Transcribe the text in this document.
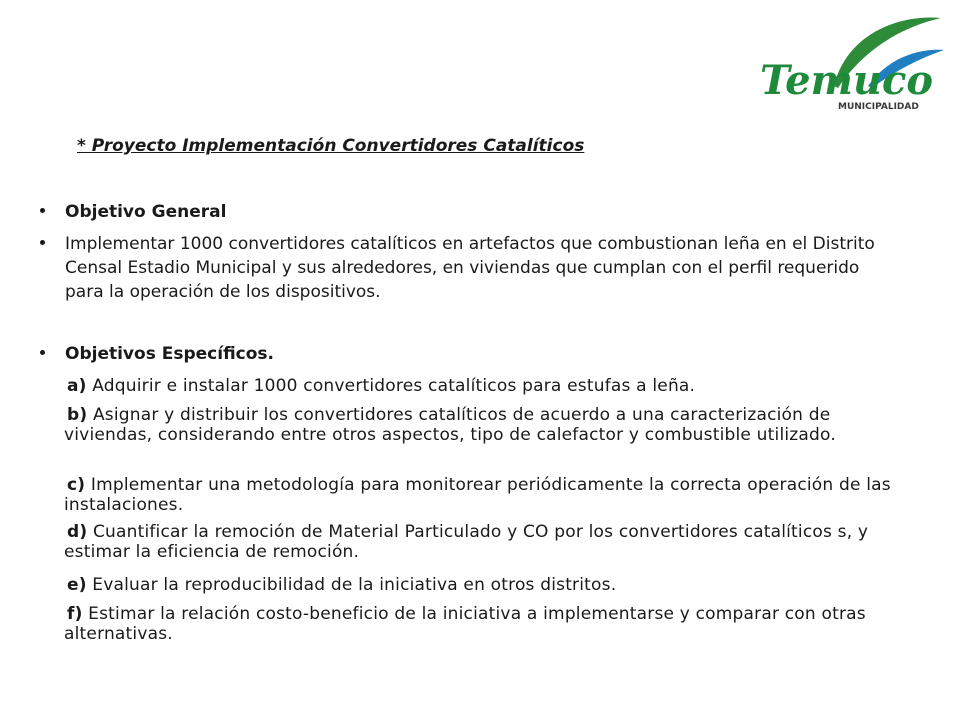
Temuco
MUNICIPALIDAD
* Proyecto Implementación Convertidores Catalíticos
Objetivo General
Implementar 1000 convertidores catalíticos en artefactos que combustionan leña en el Distrito Censal Estadio Municipal y sus alrededores, en viviendas que cumplan con el perfil requerido para la operación de los dispositivos.
Objetivos Específicos.
a) Adquirir e instalar 1000 convertidores catalíticos para estufas a leña.
b) Asignar y distribuir los convertidores catalíticos de acuerdo a una caracterización de viviendas, considerando entre otros aspectos, tipo de calefactor y combustible utilizado.
c) Implementar una metodología para monitorear periódicamente la correcta operación de las instalaciones.
d) Cuantificar la remoción de Material Particulado y CO por los convertidores catalíticos s, y estimar la eficiencia de remoción.
e) Evaluar la reproducibilidad de la iniciativa en otros distritos.
f) Estimar la relación costo-beneficio de la iniciativa a implementarse y comparar con otras alternativas.
